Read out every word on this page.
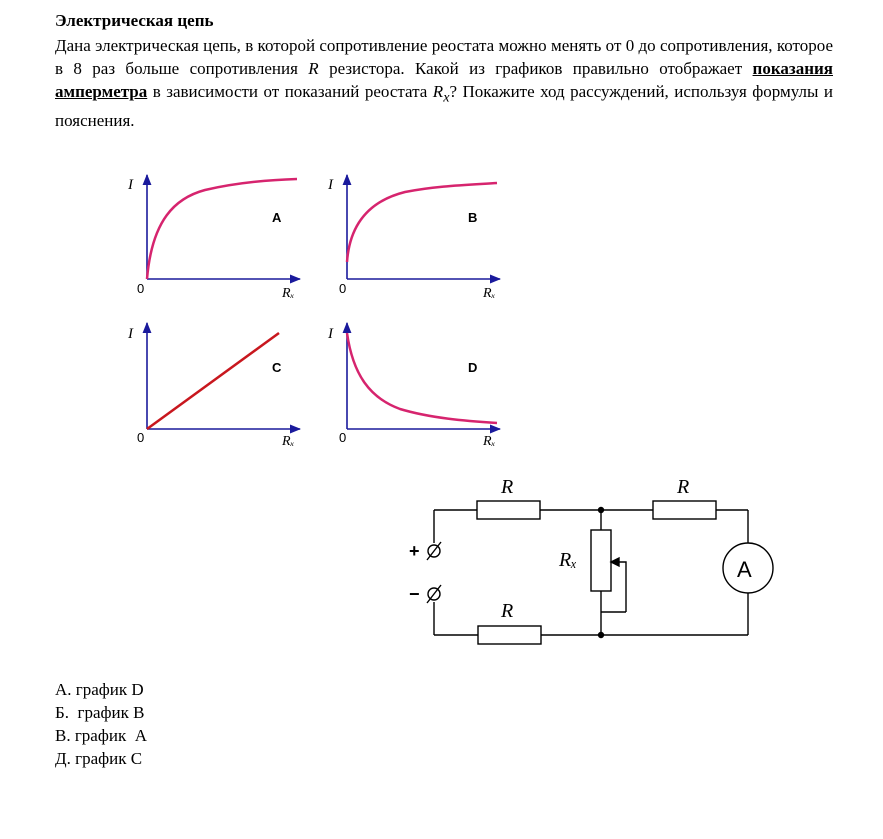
Электрическая цепь
Дана электрическая цепь, в которой сопротивление реостата можно менять от 0 до сопротивления, которое в 8 раз больше сопротивления R резистора. Какой из графиков правильно отображает показания амперметра в зависимости от показаний реостата $R_x$? Покажите ход рассуждений, используя формулы и пояснения.
I
0	Rₓ
A
I
0	Rₓ
B
I
0	Rₓ
C
I
0	Rₓ
D
R	R
R
Rₓ	A
+
−
А. график D
Б.  график B
В. график  A
Д. график C
